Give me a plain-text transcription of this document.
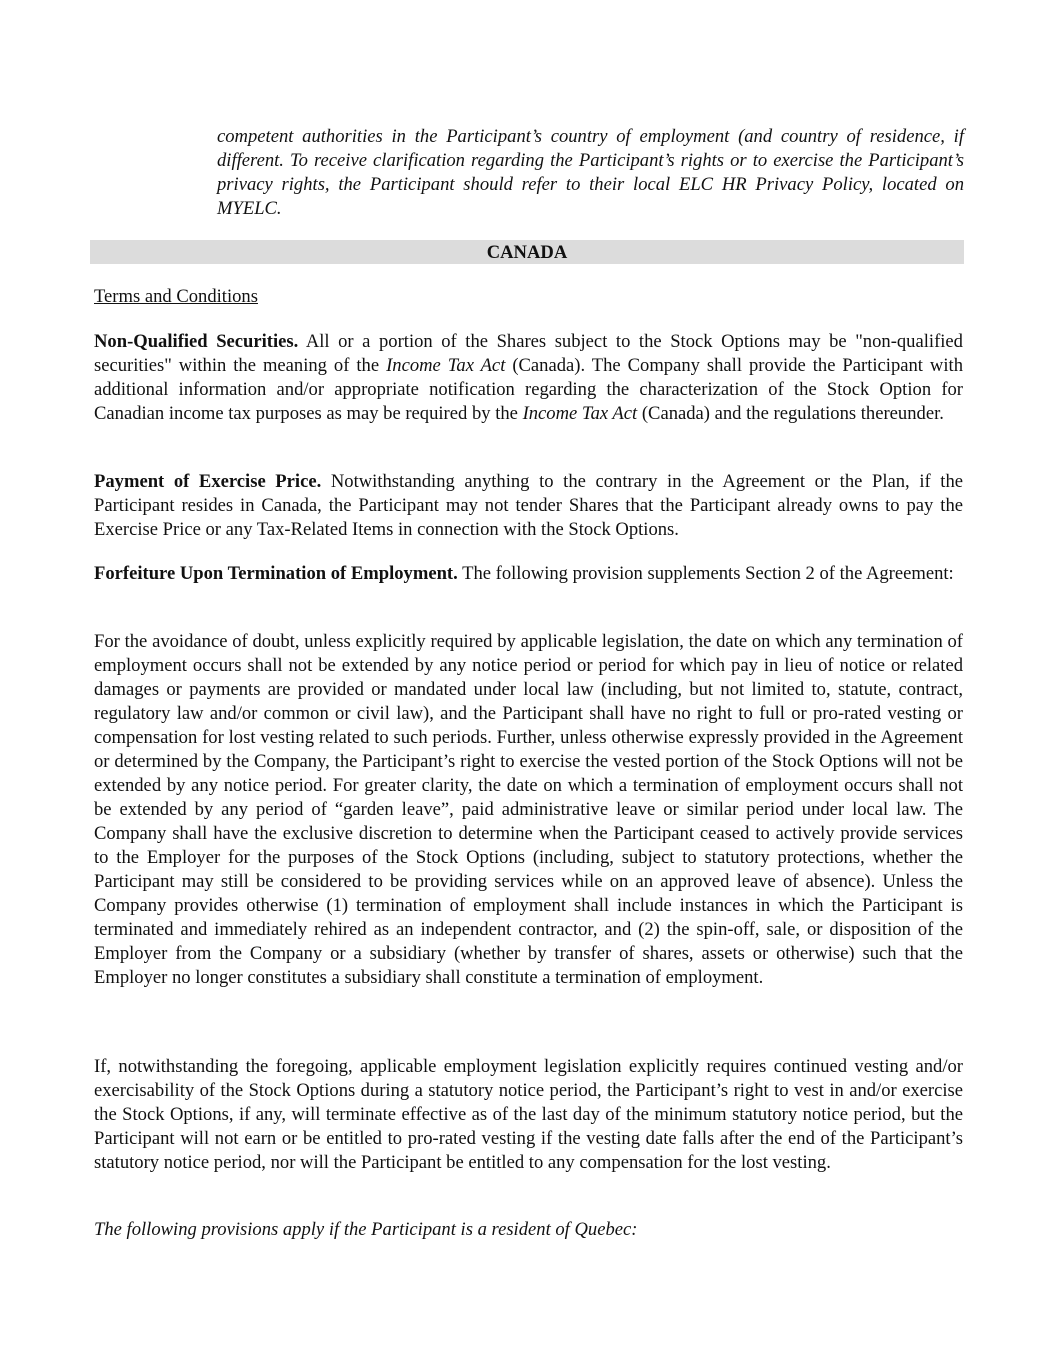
competent authorities in the Participant’s country of employment (and country of residence, if different. To receive clarification regarding the Participant’s rights or to exercise the Participant’s privacy rights, the Participant should refer to their local ELC HR Privacy Policy, located on MYELC.

CANADA

Terms and Conditions

Non-Qualified Securities. All or a portion of the Shares subject to the Stock Options may be "non-qualified securities" within the meaning of the Income Tax Act (Canada). The Company shall provide the Participant with additional information and/or appropriate notification regarding the characterization of the Stock Option for Canadian income tax purposes as may be required by the Income Tax Act (Canada) and the regulations thereunder.

Payment of Exercise Price. Notwithstanding anything to the contrary in the Agreement or the Plan, if the Participant resides in Canada, the Participant may not tender Shares that the Participant already owns to pay the Exercise Price or any Tax-Related Items in connection with the Stock Options.

Forfeiture Upon Termination of Employment. The following provision supplements Section 2 of the Agreement:

For the avoidance of doubt, unless explicitly required by applicable legislation, the date on which any termination of employment occurs shall not be extended by any notice period or period for which pay in lieu of notice or related damages or payments are provided or mandated under local law (including, but not limited to, statute, contract, regulatory law and/or common or civil law), and the Participant shall have no right to full or pro-rated vesting or compensation for lost vesting related to such periods. Further, unless otherwise expressly provided in the Agreement or determined by the Company, the Participant’s right to exercise the vested portion of the Stock Options will not be extended by any notice period. For greater clarity, the date on which a termination of employment occurs shall not be extended by any period of “garden leave”, paid administrative leave or similar period under local law. The Company shall have the exclusive discretion to determine when the Participant ceased to actively provide services to the Employer for the purposes of the Stock Options (including, subject to statutory protections, whether the Participant may still be considered to be providing services while on an approved leave of absence). Unless the Company provides otherwise (1) termination of employment shall include instances in which the Participant is terminated and immediately rehired as an independent contractor, and (2) the spin-off, sale, or disposition of the Employer from the Company or a subsidiary (whether by transfer of shares, assets or otherwise) such that the Employer no longer constitutes a subsidiary shall constitute a termination of employment.

If, notwithstanding the foregoing, applicable employment legislation explicitly requires continued vesting and/or exercisability of the Stock Options during a statutory notice period, the Participant’s right to vest in and/or exercise the Stock Options, if any, will terminate effective as of the last day of the minimum statutory notice period, but the Participant will not earn or be entitled to pro-rated vesting if the vesting date falls after the end of the Participant’s statutory notice period, nor will the Participant be entitled to any compensation for the lost vesting.

The following provisions apply if the Participant is a resident of Quebec:
